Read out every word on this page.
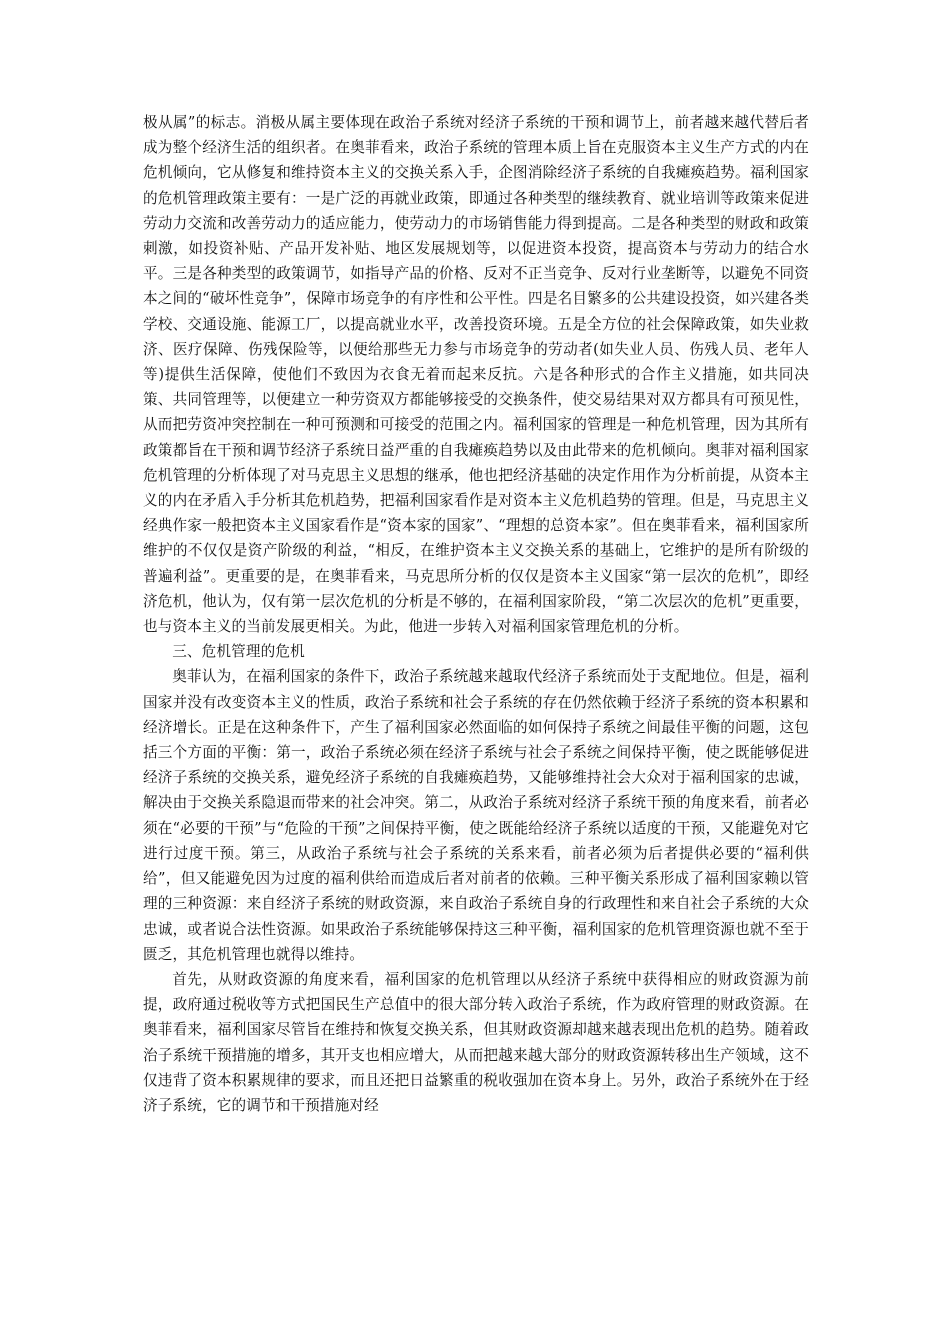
极从属”的标志。消极从属主要体现在政治子系统对经济子系统的干预和调节上，前者越来越代替后者成为整个经济生活的组织者。在奥菲看来，政治子系统的管理本质上旨在克服资本主义生产方式的内在危机倾向，它从修复和维持资本主义的交换关系入手，企图消除经济子系统的自我瘫痪趋势。福利国家的危机管理政策主要有：一是广泛的再就业政策，即通过各种类型的继续教育、就业培训等政策来促进劳动力交流和改善劳动力的适应能力，使劳动力的市场销售能力得到提高。二是各种类型的财政和政策刺激，如投资补贴、产品开发补贴、地区发展规划等，以促进资本投资，提高资本与劳动力的结合水平。三是各种类型的政策调节，如指导产品的价格、反对不正当竞争、反对行业垄断等，以避免不同资本之间的“破坏性竞争”，保障市场竞争的有序性和公平性。四是名目繁多的公共建设投资，如兴建各类学校、交通设施、能源工厂，以提高就业水平，改善投资环境。五是全方位的社会保障政策，如失业救济、医疗保障、伤残保险等，以便给那些无力参与市场竞争的劳动者(如失业人员、伤残人员、老年人等)提供生活保障，使他们不致因为衣食无着而起来反抗。六是各种形式的合作主义措施，如共同决策、共同管理等，以便建立一种劳资双方都能够接受的交换条件，使交易结果对双方都具有可预见性，从而把劳资冲突控制在一种可预测和可接受的范围之内。福利国家的管理是一种危机管理，因为其所有政策都旨在干预和调节经济子系统日益严重的自我瘫痪趋势以及由此带来的危机倾向。奥菲对福利国家危机管理的分析体现了对马克思主义思想的继承，他也把经济基础的决定作用作为分析前提，从资本主义的内在矛盾入手分析其危机趋势，把福利国家看作是对资本主义危机趋势的管理。但是，马克思主义经典作家一般把资本主义国家看作是“资本家的国家”、“理想的总资本家”。但在奥菲看来，福利国家所维护的不仅仅是资产阶级的利益，“相反，在维护资本主义交换关系的基础上，它维护的是所有阶级的普遍利益”。更重要的是，在奥菲看来，马克思所分析的仅仅是资本主义国家“第一层次的危机”，即经济危机，他认为，仅有第一层次危机的分析是不够的，在福利国家阶段，“第二次层次的危机”更重要，也与资本主义的当前发展更相关。为此，他进一步转入对福利国家管理危机的分析。

三、危机管理的危机

奥菲认为，在福利国家的条件下，政治子系统越来越取代经济子系统而处于支配地位。但是，福利国家并没有改变资本主义的性质，政治子系统和社会子系统的存在仍然依赖于经济子系统的资本积累和经济增长。正是在这种条件下，产生了福利国家必然面临的如何保持子系统之间最佳平衡的问题，这包括三个方面的平衡：第一，政治子系统必须在经济子系统与社会子系统之间保持平衡，使之既能够促进经济子系统的交换关系，避免经济子系统的自我瘫痪趋势，又能够维持社会大众对于福利国家的忠诚，解决由于交换关系隐退而带来的社会冲突。第二，从政治子系统对经济子系统干预的角度来看，前者必须在“必要的干预”与“危险的干预”之间保持平衡，使之既能给经济子系统以适度的干预，又能避免对它进行过度干预。第三，从政治子系统与社会子系统的关系来看，前者必须为后者提供必要的“福利供给”，但又能避免因为过度的福利供给而造成后者对前者的依赖。三种平衡关系形成了福利国家赖以管理的三种资源：来自经济子系统的财政资源，来自政治子系统自身的行政理性和来自社会子系统的大众忠诚，或者说合法性资源。如果政治子系统能够保持这三种平衡，福利国家的危机管理资源也就不至于匮乏，其危机管理也就得以维持。

首先，从财政资源的角度来看，福利国家的危机管理以从经济子系统中获得相应的财政资源为前提，政府通过税收等方式把国民生产总值中的很大部分转入政治子系统，作为政府管理的财政资源。在奥菲看来，福利国家尽管旨在维持和恢复交换关系，但其财政资源却越来越表现出危机的趋势。随着政治子系统干预措施的增多，其开支也相应增大，从而把越来越大部分的财政资源转移出生产领域，这不仅违背了资本积累规律的要求，而且还把日益繁重的税收强加在资本身上。另外，政治子系统外在于经济子系统，它的调节和干预措施对经
